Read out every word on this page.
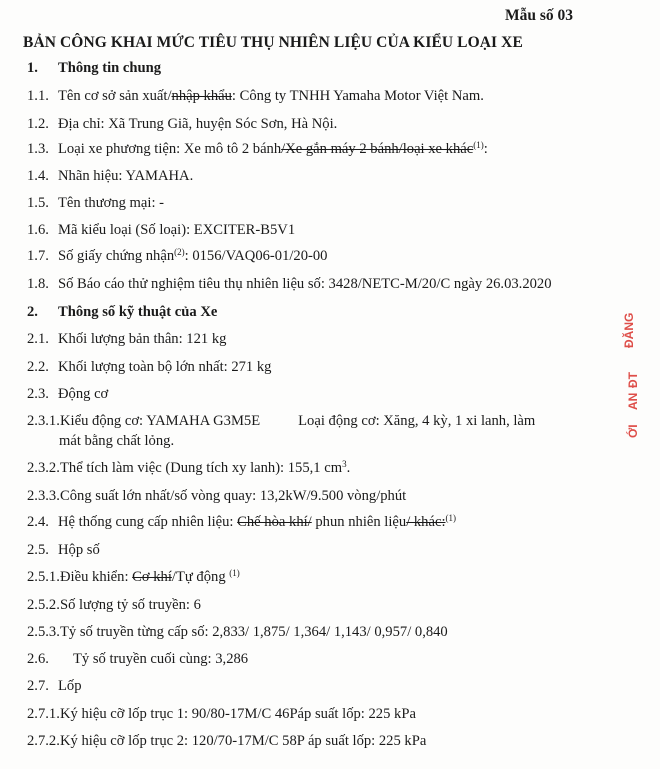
Mẫu số 03
BẢN CÔNG KHAI MỨC TIÊU THỤ NHIÊN LIỆU CỦA KIỂU LOẠI XE
1. Thông tin chung
1.1. Tên cơ sở sản xuất/nhập khẩu: Công ty TNHH Yamaha Motor Việt Nam.
1.2. Địa chỉ: Xã Trung Giã, huyện Sóc Sơn, Hà Nội.
1.3. Loại xe phương tiện: Xe mô tô 2 bánh/Xe gắn máy 2 bánh/loại xe khác$^{(1)}$:
1.4. Nhãn hiệu: YAMAHA.
1.5. Tên thương mại: -
1.6. Mã kiểu loại (Số loại): EXCITER-B5V1
1.7. Số giấy chứng nhận$^{(2)}$: 0156/VAQ06-01/20-00
1.8. Số Báo cáo thử nghiệm tiêu thụ nhiên liệu số: 3428/NETC-M/20/C ngày 26.03.2020
2. Thông số kỹ thuật của Xe
2.1. Khối lượng bản thân: 121 kg
2.2. Khối lượng toàn bộ lớn nhất: 271 kg
2.3. Động cơ
2.3.1.Kiểu động cơ: YAMAHA G3M5E	Loại động cơ: Xăng, 4 kỳ, 1 xi lanh, làm
mát bằng chất lỏng.
2.3.2.Thể tích làm việc (Dung tích xy lanh): 155,1 $cm^3$.
2.3.3.Công suất lớn nhất/số vòng quay: 13,2kW/9.500 vòng/phút
2.4. Hệ thống cung cấp nhiên liệu: Chế hòa khí/ phun nhiên liệu/ khác:$^{(1)}$
2.5. Hộp số
2.5.1.Điều khiển: Cơ khí/Tự động $^{(1)}$
2.5.2.Số lượng tỷ số truyền: 6
2.5.3.Tỷ số truyền từng cấp số: 2,833/ 1,875/ 1,364/ 1,143/ 0,957/ 0,840
2.6. Tỷ số truyền cuối cùng: 3,286
2.7. Lốp
2.7.1.Ký hiệu cỡ lốp trục 1: 90/80-17M/C 46Páp suất lốp: 225 kPa
2.7.2.Ký hiệu cỡ lốp trục 2: 120/70-17M/C 58P áp suất lốp: 225 kPa
ĐĂNG
ĐT
AN
ỚI
